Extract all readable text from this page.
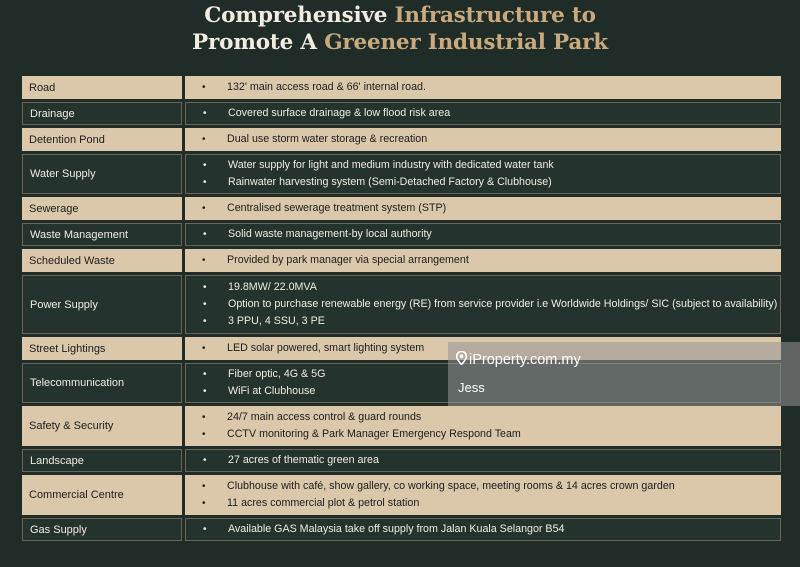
Comprehensive Infrastructure to
Promote A Greener Industrial Park
Road	•	132' main access road & 66' internal road.
Drainage	•	Covered surface drainage & low flood risk area
Detention Pond	•	Dual use storm water storage & recreation
Water Supply
•	Water supply for light and medium industry with dedicated water tank
•	Rainwater harvesting system (Semi-Detached Factory & Clubhouse)
Sewerage	•	Centralised sewerage treatment system (STP)
Waste Management	•	Solid waste management-by local authority
Scheduled Waste	•	Provided by park manager via special arrangement
Power Supply
•	19.8MW/ 22.0MVA
•	Option to purchase renewable energy (RE) from service provider i.e Worldwide Holdings/ SIC (subject to availability)
•	3 PPU, 4 SSU, 3 PE
Street Lightings	•	LED solar powered, smart lighting system
Telecommunication
•	Fiber optic, 4G & 5G
•	WiFi at Clubhouse
Safety & Security
•	24/7 main access control & guard rounds
•	CCTV monitoring & Park Manager Emergency Respond Team
Landscape	•	27 acres of thematic green area
Commercial Centre
•	Clubhouse with café, show gallery, co working space, meeting rooms & 14 acres crown garden
•	11 acres commercial plot & petrol station
Gas Supply	•	Available GAS Malaysia take off supply from Jalan Kuala Selangor B54
iProperty.com.my
Jess
